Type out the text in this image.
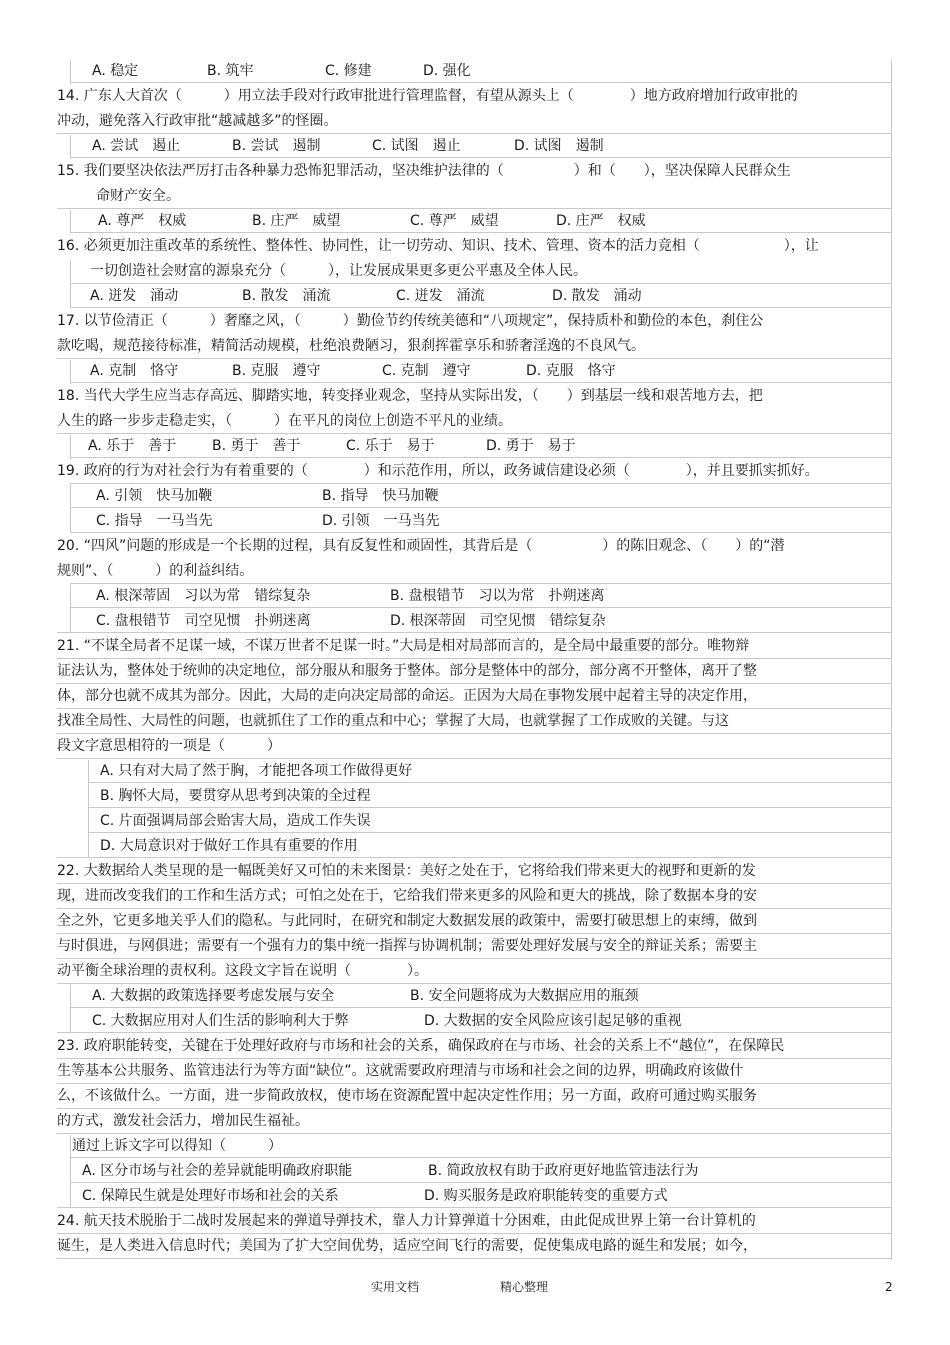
A. 稳定	B. 筑牢	C. 修建	D. 强化
14. 广东人大首次（　　　）用立法手段对行政审批进行管理监督，有望从源头上（　　　　）地方政府增加行政审批的
冲动，避免落入行政审批“越减越多”的怪圈。
A. 尝试　遏止	B. 尝试　遏制	C. 试图　遏止	D. 试图　遏制
15. 我们要坚决依法严厉打击各种暴力恐怖犯罪活动，坚决维护法律的（　　　　　）和（　　），坚决保障人民群众生
命财产安全。
A. 尊严　权威	B. 庄严　威望	C. 尊严　威望	D. 庄严　权威
16. 必须更加注重改革的系统性、整体性、协同性，让一切劳动、知识、技术、管理、资本的活力竞相（　　　　　　），让
一切创造社会财富的源泉充分（　　　），让发展成果更多更公平惠及全体人民。
A. 迸发　涌动	B. 散发　涌流	C. 迸发　涌流	D. 散发　涌动
17. 以节俭清正（　　　）奢靡之风，（　　　）勤俭节约传统美德和“八项规定”，保持质朴和勤俭的本色，刹住公
款吃喝，规范接待标准，精简活动规模，杜绝浪费陋习，狠刹挥霍享乐和骄奢淫逸的不良风气。
A. 克制　恪守	B. 克服　遵守	C. 克制　遵守	D. 克服　恪守
18. 当代大学生应当志存高远、脚踏实地，转变择业观念，坚持从实际出发，（　　）到基层一线和艰苦地方去，把
人生的路一步步走稳走实，（　　　）在平凡的岗位上创造不平凡的业绩。
A. 乐于　善于	B. 勇于　善于	C. 乐于　易于	D. 勇于　易于
19. 政府的行为对社会行为有着重要的（　　　　）和示范作用，所以，政务诚信建设必须（　　　　），并且要抓实抓好。
A. 引领　快马加鞭	B. 指导　快马加鞭
C. 指导　一马当先	D. 引领　一马当先
20. “四风”问题的形成是一个长期的过程，具有反复性和顽固性，其背后是（　　　　　）的陈旧观念、（　　）的“潜
规则”、（　　　）的利益纠结。
A. 根深蒂固　习以为常　错综复杂	B. 盘根错节　习以为常　扑朔迷离
C. 盘根错节　司空见惯　扑朔迷离	D. 根深蒂固　司空见惯　错综复杂
21. “不谋全局者不足谋一域，不谋万世者不足谋一时。”大局是相对局部而言的，是全局中最重要的部分。唯物辩
证法认为，整体处于统帅的决定地位，部分服从和服务于整体。部分是整体中的部分，部分离不开整体，离开了整
体，部分也就不成其为部分。因此，大局的走向决定局部的命运。正因为大局在事物发展中起着主导的决定作用，
找准全局性、大局性的问题，也就抓住了工作的重点和中心；掌握了大局，也就掌握了工作成败的关键。与这
段文字意思相符的一项是（　　　）
A. 只有对大局了然于胸，才能把各项工作做得更好
B. 胸怀大局，要贯穿从思考到决策的全过程
C. 片面强调局部会贻害大局，造成工作失误
D. 大局意识对于做好工作具有重要的作用
22. 大数据给人类呈现的是一幅既美好又可怕的未来图景：美好之处在于，它将给我们带来更大的视野和更新的发
现，进而改变我们的工作和生活方式；可怕之处在于，它给我们带来更多的风险和更大的挑战，除了数据本身的安
全之外，它更多地关乎人们的隐私。与此同时，在研究和制定大数据发展的政策中，需要打破思想上的束缚，做到
与时俱进，与网俱进；需要有一个强有力的集中统一指挥与协调机制；需要处理好发展与安全的辩证关系；需要主
动平衡全球治理的责权利。这段文字旨在说明（　　　　）。
A. 大数据的政策选择要考虑发展与安全	B. 安全问题将成为大数据应用的瓶颈
C. 大数据应用对人们生活的影响利大于弊	D. 大数据的安全风险应该引起足够的重视
23. 政府职能转变，关键在于处理好政府与市场和社会的关系，确保政府在与市场、社会的关系上不“越位”，在保障民
生等基本公共服务、监管违法行为等方面“缺位”。这就需要政府理清与市场和社会之间的边界，明确政府该做什
么，不该做什么。一方面，进一步简政放权，使市场在资源配置中起决定性作用；另一方面，政府可通过购买服务
的方式，激发社会活力，增加民生福祉。
通过上诉文字可以得知（　　　）
A. 区分市场与社会的差异就能明确政府职能	B. 简政放权有助于政府更好地监管违法行为
C. 保障民生就是处理好市场和社会的关系	D. 购买服务是政府职能转变的重要方式
24. 航天技术脱胎于二战时发展起来的弹道导弹技术，靠人力计算弹道十分困难，由此促成世界上第一台计算机的
诞生，是人类进入信息时代；美国为了扩大空间优势，适应空间飞行的需要，促使集成电路的诞生和发展；如今，
实用文档	精心整理	2
